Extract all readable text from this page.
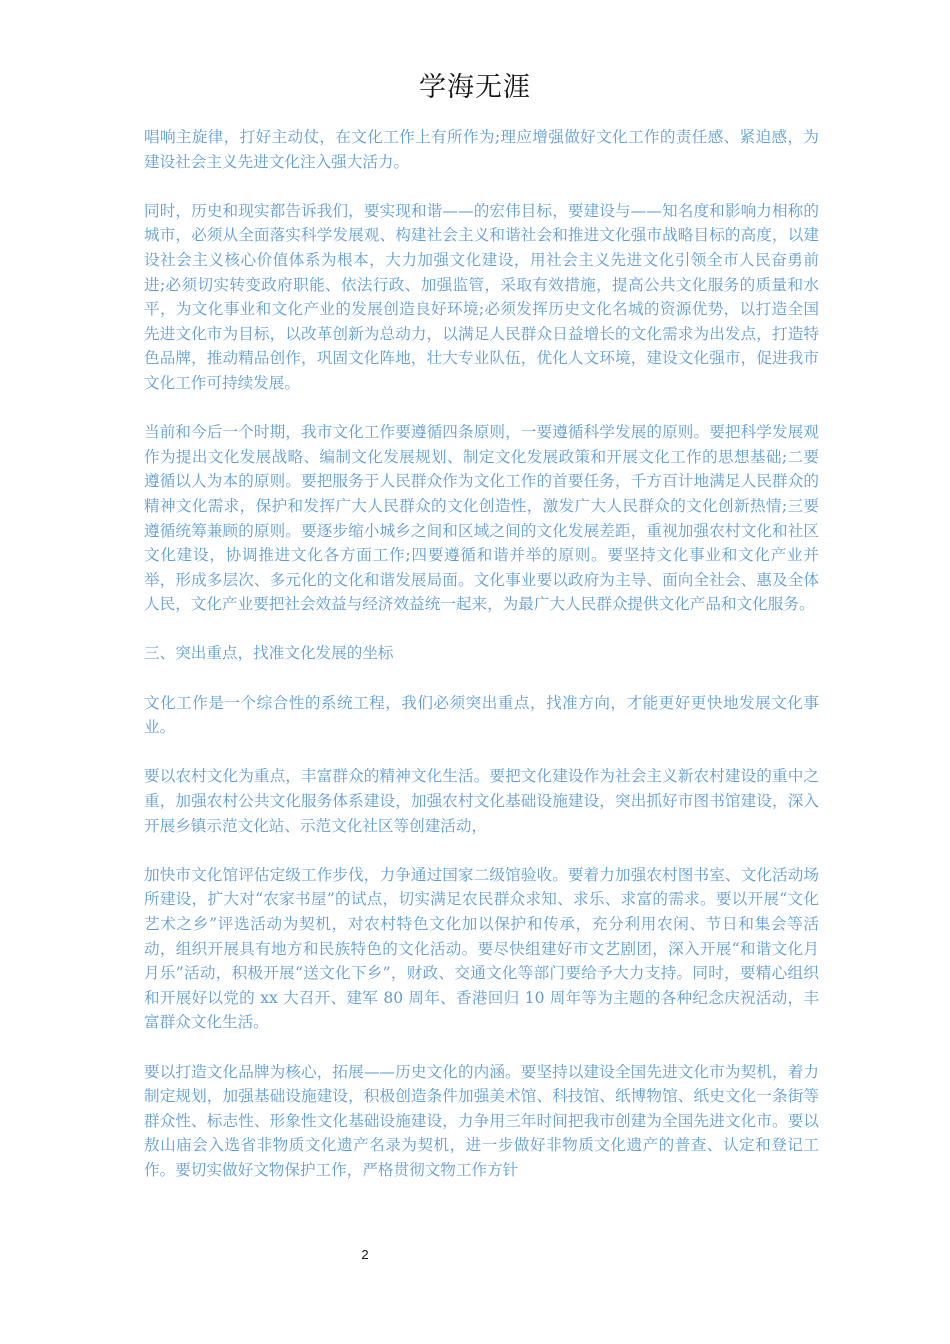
学海无涯

唱响主旋律，打好主动仗，在文化工作上有所作为;理应增强做好文化工作的责任感、紧迫感，为建设社会主义先进文化注入强大活力。

同时，历史和现实都告诉我们，要实现和谐——的宏伟目标，要建设与——知名度和影响力相称的城市，必须从全面落实科学发展观、构建社会主义和谐社会和推进文化强市战略目标的高度，以建设社会主义核心价值体系为根本，大力加强文化建设，用社会主义先进文化引领全市人民奋勇前进;必须切实转变政府职能、依法行政、加强监管，采取有效措施，提高公共文化服务的质量和水平，为文化事业和文化产业的发展创造良好环境;必须发挥历史文化名城的资源优势，以打造全国先进文化市为目标，以改革创新为总动力，以满足人民群众日益增长的文化需求为出发点，打造特色品牌，推动精品创作，巩固文化阵地，壮大专业队伍，优化人文环境，建设文化强市，促进我市文化工作可持续发展。

当前和今后一个时期，我市文化工作要遵循四条原则，一要遵循科学发展的原则。要把科学发展观作为提出文化发展战略、编制文化发展规划、制定文化发展政策和开展文化工作的思想基础;二要遵循以人为本的原则。要把服务于人民群众作为文化工作的首要任务，千方百计地满足人民群众的精神文化需求，保护和发挥广大人民群众的文化创造性，激发广大人民群众的文化创新热情;三要遵循统筹兼顾的原则。要逐步缩小城乡之间和区域之间的文化发展差距，重视加强农村文化和社区文化建设，协调推进文化各方面工作;四要遵循和谐并举的原则。要坚持文化事业和文化产业并举，形成多层次、多元化的文化和谐发展局面。文化事业要以政府为主导、面向全社会、惠及全体人民，文化产业要把社会效益与经济效益统一起来，为最广大人民群众提供文化产品和文化服务。

三、突出重点，找准文化发展的坐标

文化工作是一个综合性的系统工程，我们必须突出重点，找准方向，才能更好更快地发展文化事业。

要以农村文化为重点，丰富群众的精神文化生活。要把文化建设作为社会主义新农村建设的重中之重，加强农村公共文化服务体系建设，加强农村文化基础设施建设，突出抓好市图书馆建设，深入开展乡镇示范文化站、示范文化社区等创建活动，

加快市文化馆评估定级工作步伐，力争通过国家二级馆验收。要着力加强农村图书室、文化活动场所建设，扩大对“农家书屋”的试点，切实满足农民群众求知、求乐、求富的需求。要以开展“文化艺术之乡”评选活动为契机，对农村特色文化加以保护和传承，充分利用农闲、节日和集会等活动，组织开展具有地方和民族特色的文化活动。要尽快组建好市文艺剧团，深入开展“和谐文化月月乐”活动，积极开展“送文化下乡”，财政、交通文化等部门要给予大力支持。同时，要精心组织和开展好以党的 xx 大召开、建军 80 周年、香港回归 10 周年等为主题的各种纪念庆祝活动，丰富群众文化生活。

要以打造文化品牌为核心，拓展——历史文化的内涵。要坚持以建设全国先进文化市为契机，着力制定规划，加强基础设施建设，积极创造条件加强美术馆、科技馆、纸博物馆、纸史文化一条街等群众性、标志性、形象性文化基础设施建设，力争用三年时间把我市创建为全国先进文化市。要以敖山庙会入选省非物质文化遗产名录为契机，进一步做好非物质文化遗产的普查、认定和登记工作。要切实做好文物保护工作，严格贯彻文物工作方针

2
